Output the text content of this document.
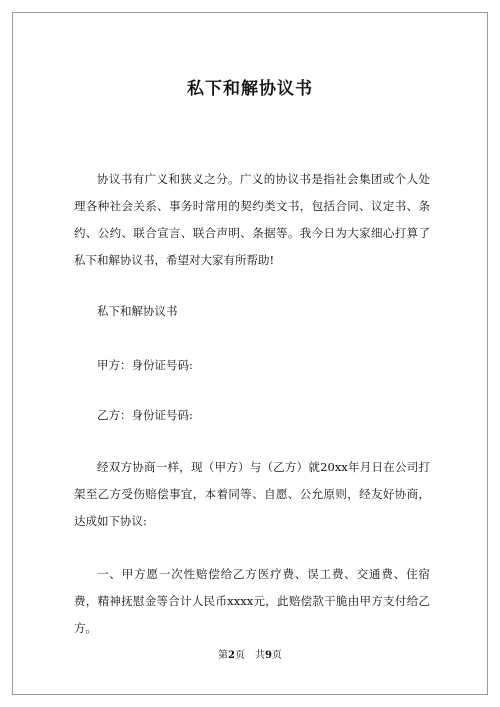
私下和解协议书

协议书有广义和狭义之分。广义的协议书是指社会集团或个人处理各种社会关系、事务时常用的契约类文书，包括合同、议定书、条约、公约、联合宣言、联合声明、条据等。我今日为大家细心打算了私下和解协议书，希望对大家有所帮助!

私下和解协议书

甲方：身份证号码:

乙方：身份证号码:

经双方协商一样，现（甲方）与（乙方）就20xx年月日在公司打架至乙方受伤赔偿事宜，本着同等、自愿、公允原则，经友好协商，达成如下协议:

一、甲方愿一次性赔偿给乙方医疗费、误工费、交通费、住宿费，精神抚慰金等合计人民币xxxx元，此赔偿款干脆由甲方支付给乙方。

第2页　共9页
